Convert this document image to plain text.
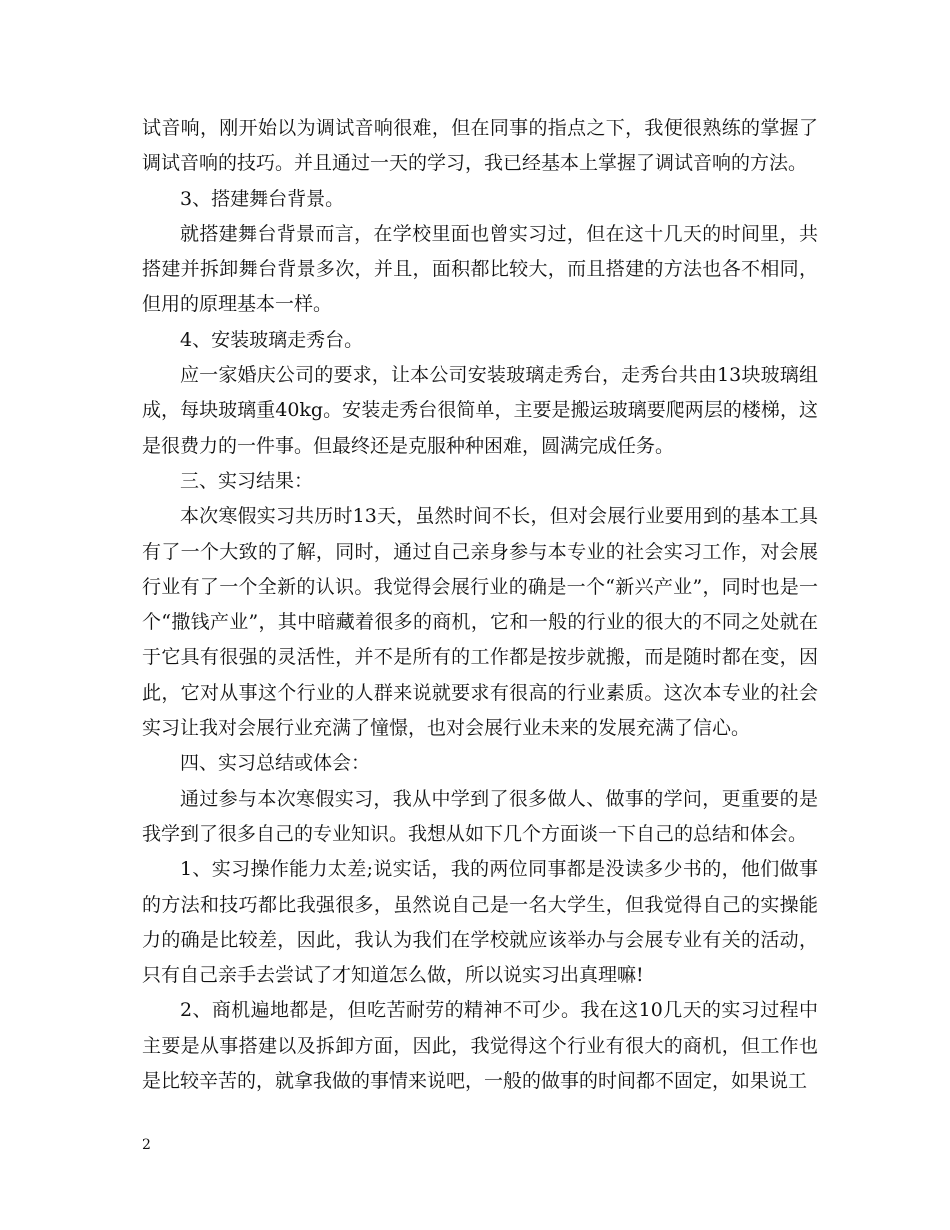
试音响，刚开始以为调试音响很难，但在同事的指点之下，我便很熟练的掌握了调试音响的技巧。并且通过一天的学习，我已经基本上掌握了调试音响的方法。

3、搭建舞台背景。

就搭建舞台背景而言，在学校里面也曾实习过，但在这十几天的时间里，共搭建并拆卸舞台背景多次，并且，面积都比较大，而且搭建的方法也各不相同，但用的原理基本一样。

4、安装玻璃走秀台。

应一家婚庆公司的要求，让本公司安装玻璃走秀台，走秀台共由13块玻璃组成，每块玻璃重40kg。安装走秀台很简单，主要是搬运玻璃要爬两层的楼梯，这是很费力的一件事。但最终还是克服种种困难，圆满完成任务。

三、实习结果：

本次寒假实习共历时13天，虽然时间不长，但对会展行业要用到的基本工具有了一个大致的了解，同时，通过自己亲身参与本专业的社会实习工作，对会展行业有了一个全新的认识。我觉得会展行业的确是一个“新兴产业”，同时也是一个“撒钱产业”，其中暗藏着很多的商机，它和一般的行业的很大的不同之处就在于它具有很强的灵活性，并不是所有的工作都是按步就搬，而是随时都在变，因此，它对从事这个行业的人群来说就要求有很高的行业素质。这次本专业的社会实习让我对会展行业充满了憧憬，也对会展行业未来的发展充满了信心。

四、实习总结或体会：

通过参与本次寒假实习，我从中学到了很多做人、做事的学问，更重要的是我学到了很多自己的专业知识。我想从如下几个方面谈一下自己的总结和体会。

1、实习操作能力太差;说实话，我的两位同事都是没读多少书的，他们做事的方法和技巧都比我强很多，虽然说自己是一名大学生，但我觉得自己的实操能力的确是比较差，因此，我认为我们在学校就应该举办与会展专业有关的活动，只有自己亲手去尝试了才知道怎么做，所以说实习出真理嘛!

2、商机遍地都是，但吃苦耐劳的精神不可少。我在这10几天的实习过程中主要是从事搭建以及拆卸方面，因此，我觉得这个行业有很大的商机，但工作也是比较辛苦的，就拿我做的事情来说吧，一般的做事的时间都不固定，如果说工

2
